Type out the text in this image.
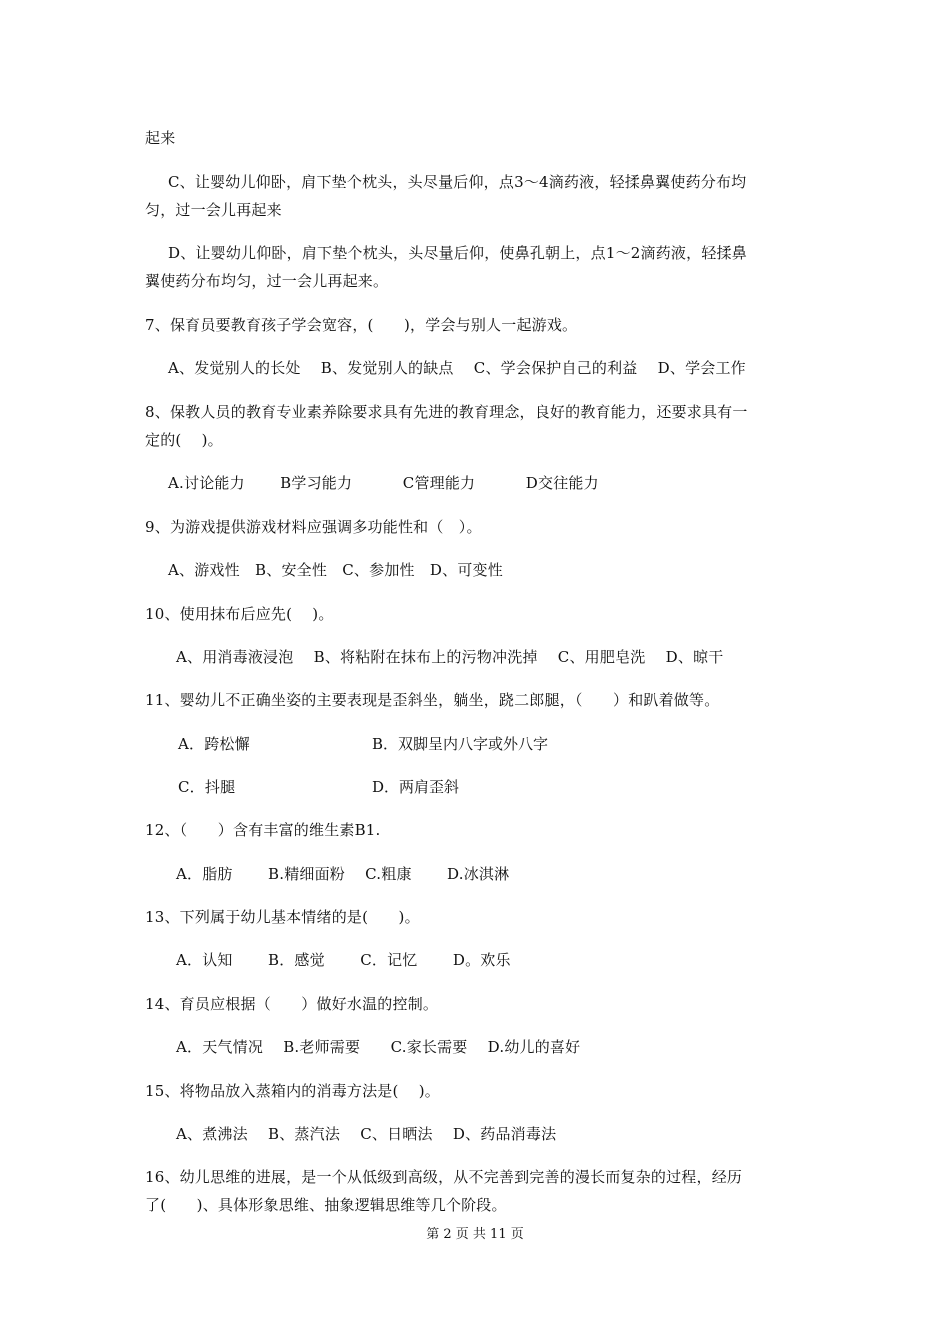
起来
C、让婴幼儿仰卧，肩下垫个枕头，头尽量后仰，点3～4滴药液，轻揉鼻翼使药分布均
匀，过一会儿再起来
D、让婴幼儿仰卧，肩下垫个枕头，头尽量后仰，使鼻孔朝上，点1～2滴药液，轻揉鼻
翼使药分布均匀，过一会儿再起来。
7、保育员要教育孩子学会宽容，(　　)，学会与别人一起游戏。
A、发觉别人的长处　 B、发觉别人的缺点　 C、学会保护自己的利益　 D、学会工作
8、保教人员的教育专业素养除要求具有先进的教育理念，良好的教育能力，还要求具有一
定的(　 )。
A.讨论能力　　 B学习能力　　　 C管理能力　　　 D交往能力
9、为游戏提供游戏材料应强调多功能性和（　）。
A、游戏性　B、安全性　C、参加性　D、可变性
10、使用抹布后应先(　 )。
A、用消毒液浸泡　 B、将粘附在抹布上的污物冲洗掉　 C、用肥皂洗　 D、晾干
11、婴幼儿不正确坐姿的主要表现是歪斜坐，躺坐，跷二郎腿，（　　）和趴着做等。
A．跨松懈	B．双脚呈内八字或外八字
C．抖腿	D．两肩歪斜
12、（　　）含有丰富的维生素B1.
A．脂肪　　 B.精细面粉　 C.粗康　　 D.冰淇淋
13、下列属于幼儿基本情绪的是(　　)。
A．认知　　 B．感觉　　 C．记忆　　 D。欢乐
14、育员应根据（　　）做好水温的控制。
A．天气情况　 B.老师需要　　C.家长需要　 D.幼儿的喜好
15、将物品放入蒸箱内的消毒方法是(　 )。
A、煮沸法　 B、蒸汽法　 C、日晒法　 D、药品消毒法
16、幼儿思维的进展，是一个从低级到高级，从不完善到完善的漫长而复杂的过程，经历
了(　　)、具体形象思维、抽象逻辑思维等几个阶段。
第 2 页 共 11 页
